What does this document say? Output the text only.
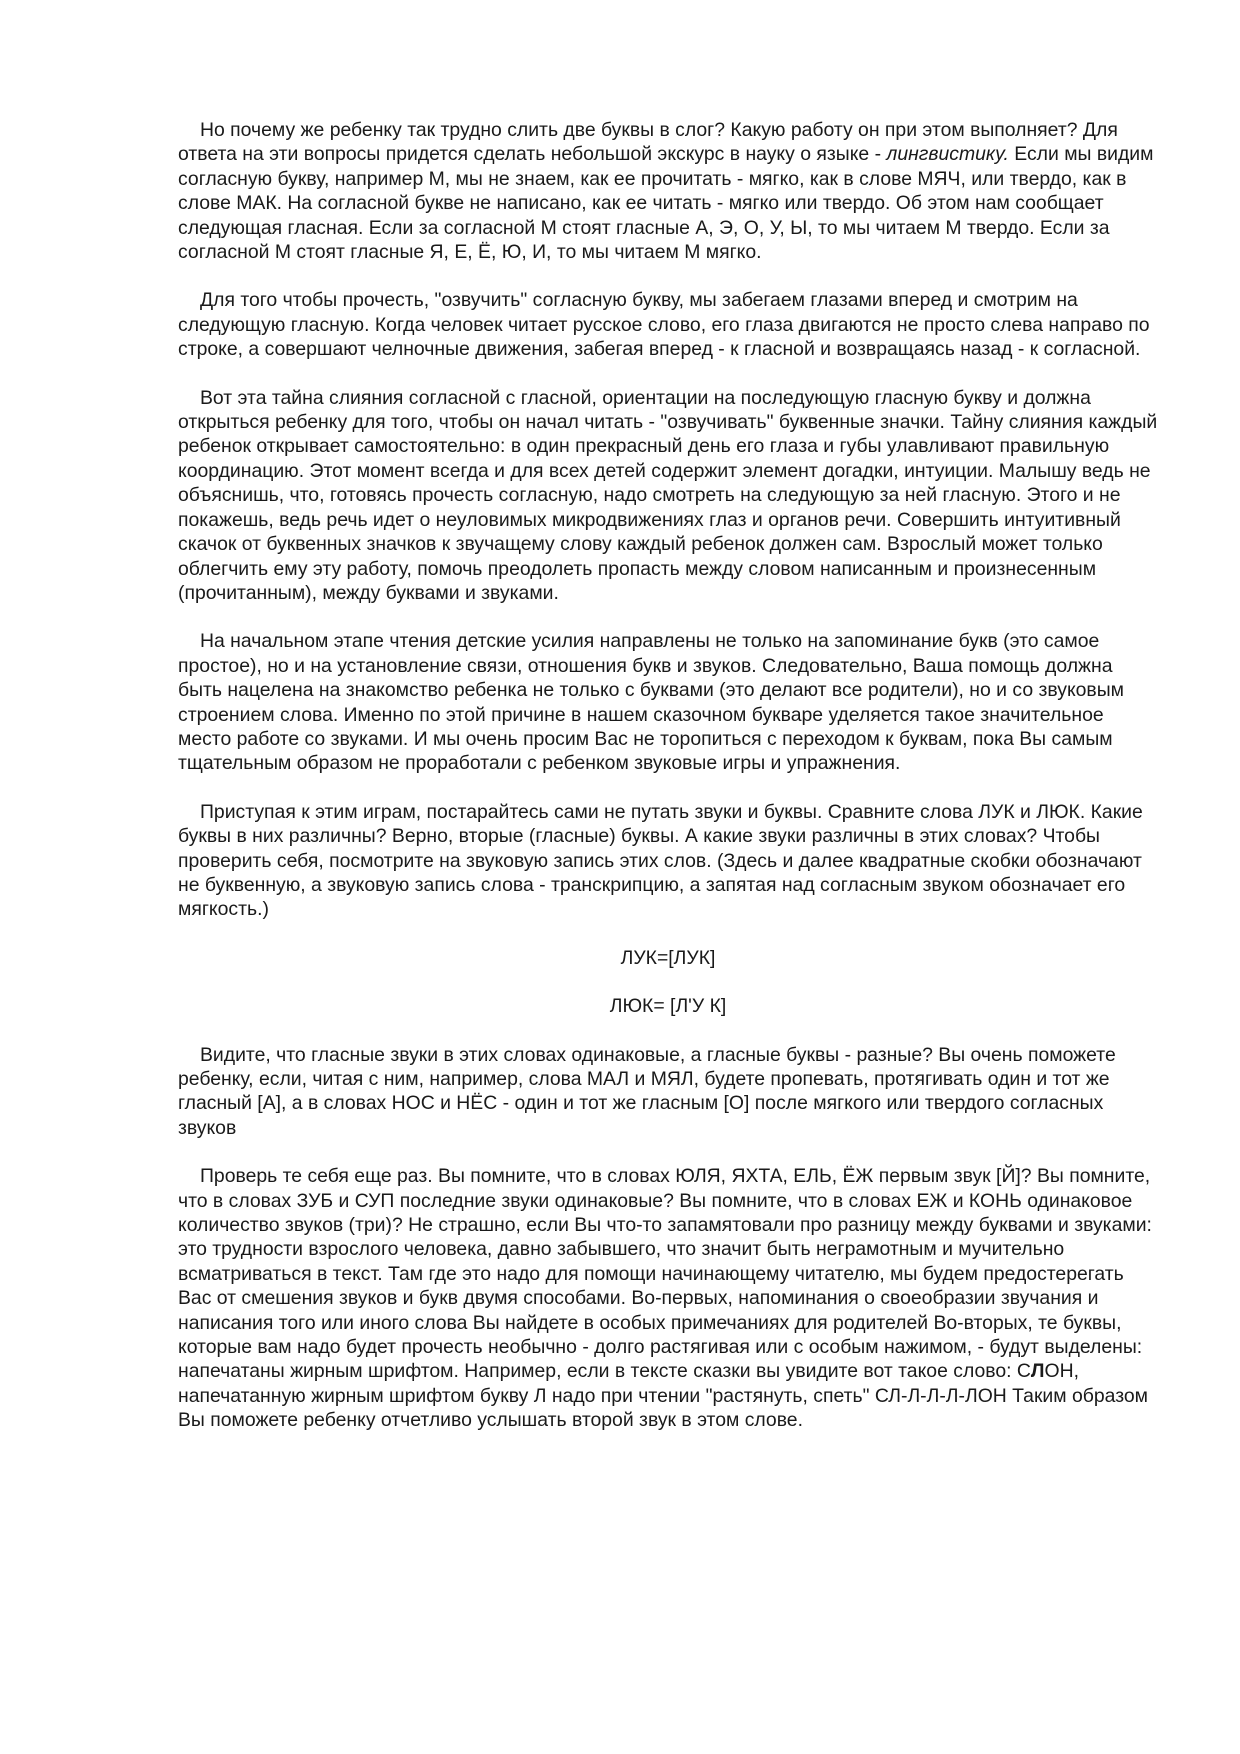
Но почему же ребенку так трудно слить две буквы в слог? Какую работу он при этом выполняет? Для ответа на эти вопросы придется сделать небольшой экскурс в науку о языке - лингвистику. Если мы видим согласную букву, например М, мы не знаем, как ее прочитать - мягко, как в слове МЯЧ, или твердо, как в слове МАК. На согласной букве не написано, как ее читать - мягко или твердо. Об этом нам сообщает следующая гласная. Если за согласной М стоят гласные А, Э, О, У, Ы, то мы читаем М твердо. Если за согласной М стоят гласные Я, Е, Ё, Ю, И, то мы читаем М мягко.

Для того чтобы прочесть, "озвучить" согласную букву, мы забегаем глазами вперед и смотрим на следующую гласную. Когда человек читает русское слово, его глаза двигаются не просто слева направо по строке, а совершают челночные движения, забегая вперед - к гласной и возвращаясь назад - к согласной.

Вот эта тайна слияния согласной с гласной, ориентации на последующую гласную букву и должна открыться ребенку для того, чтобы он начал читать - "озвучивать" буквенные значки. Тайну слияния каждый ребенок открывает самостоятельно: в один прекрасный день его глаза и губы улавливают правильную координацию. Этот момент всегда и для всех детей содержит элемент догадки, интуиции. Малышу ведь не объяснишь, что, готовясь прочесть согласную, надо смотреть на следующую за ней гласную. Этого и не покажешь, ведь речь идет о неуловимых микродвижениях глаз и органов речи. Совершить интуитивный скачок от буквенных значков к звучащему слову каждый ребенок должен сам. Взрослый может только облегчить ему эту работу, помочь преодолеть пропасть между словом написанным и произнесенным (прочитанным), между буквами и звуками.

На начальном этапе чтения детские усилия направлены не только на запоминание букв (это самое простое), но и на установление связи, отношения букв и звуков. Следовательно, Ваша помощь должна быть нацелена на знакомство ребенка не только с буквами (это делают все родители), но и со звуковым строением слова. Именно по этой причине в нашем сказочном букваре уделяется такое значительное место работе со звуками. И мы очень просим Вас не торопиться с переходом к буквам, пока Вы самым тщательным образом не проработали с ребенком звуковые игры и упражнения.

Приступая к этим играм, постарайтесь сами не путать звуки и буквы. Сравните слова ЛУК и ЛЮК. Какие буквы в них различны? Верно, вторые (гласные) буквы. А какие звуки различны в этих словах? Чтобы проверить себя, посмотрите на звуковую запись этих слов. (Здесь и далее квадратные скобки обозначают не буквенную, а звуковую запись слова - транскрипцию, а запятая над согласным звуком обозначает его мягкость.)

ЛУК=[ЛУК]

ЛЮК= [Л'У К]

Видите, что гласные звуки в этих словах одинаковые, а гласные буквы - разные? Вы очень поможете ребенку, если, читая с ним, например, слова МАЛ и МЯЛ, будете пропевать, протягивать один и тот же гласный [А], а в словах НОС и НЁС - один и тот же гласным [О] после мягкого или твердого согласных звуков

Проверь те себя еще раз. Вы помните, что в словах ЮЛЯ, ЯХТА, ЕЛЬ, ЁЖ первым звук [Й]? Вы помните, что в словах ЗУБ и СУП последние звуки одинаковые? Вы помните, что в словах ЕЖ и КОНЬ одинаковое количество звуков (три)? Не страшно, если Вы что-то запамятовали про разницу между буквами и звуками: это трудности взрослого человека, давно забывшего, что значит быть неграмотным и мучительно всматриваться в текст. Там где это надо для помощи начинающему читателю, мы будем предостерегать Вас от смешения звуков и букв двумя способами. Во-первых, напоминания о своеобразии звучания и написания того или иного слова Вы найдете в особых примечаниях для родителей Во-вторых, те буквы, которые вам надо будет прочесть необычно - долго растягивая или с особым нажимом, - будут выделены: напечатаны жирным шрифтом. Например, если в тексте сказки вы увидите вот такое слово: СЛОН, напечатанную жирным шрифтом букву Л надо при чтении "растянуть, спеть" СЛ-Л-Л-Л-ЛОН Таким образом Вы поможете ребенку отчетливо услышать второй звук в этом слове.
